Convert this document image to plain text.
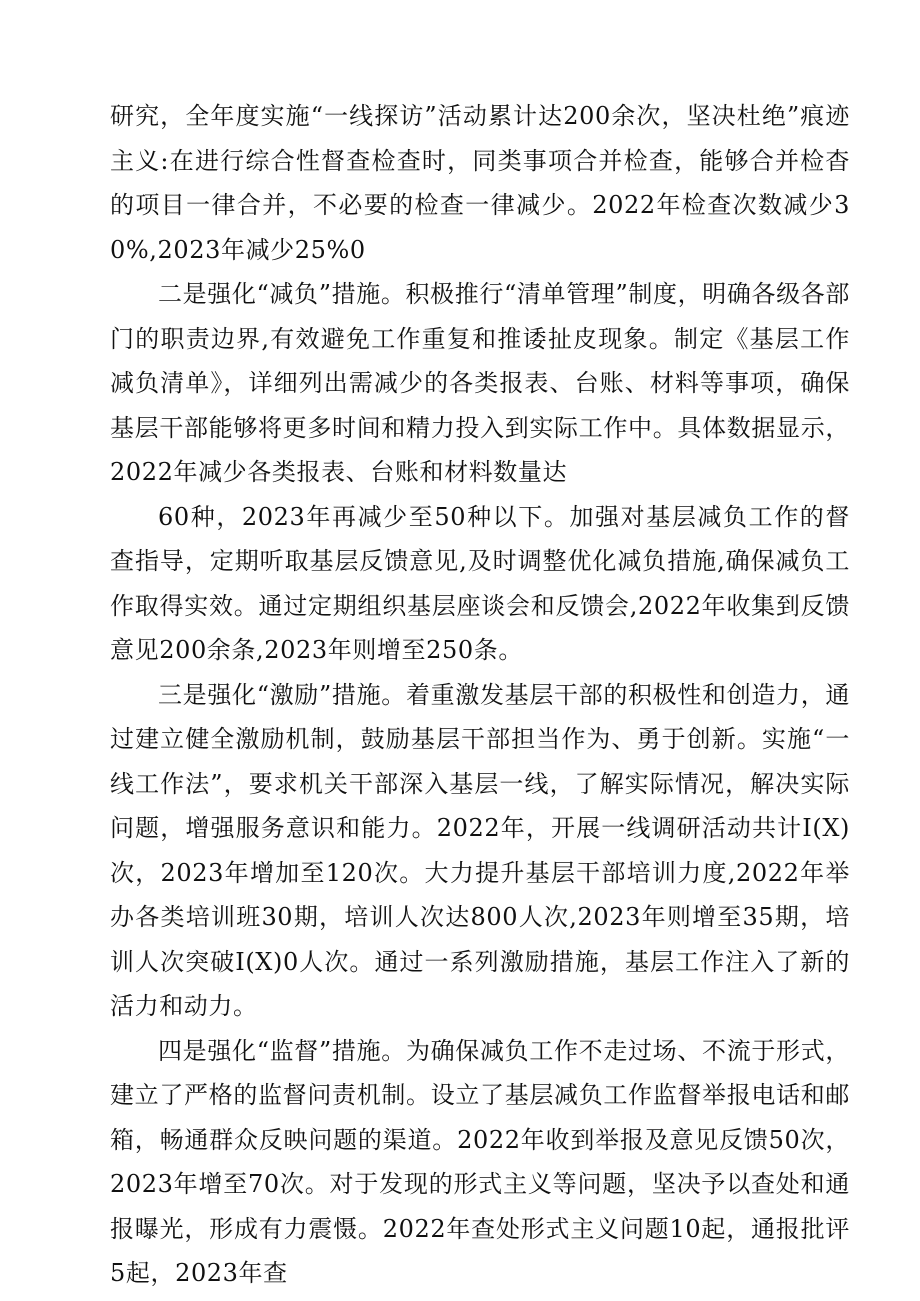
研究，全年度实施“一线探访”活动累计达200余次，坚决杜绝”痕迹主义:在进行综合性督查检查时，同类事项合并检查，能够合并检杳的项目一律合并，不必要的检查一律减少。2022年检查次数减少30%,2023年减少25%0

二是强化“减负”措施。积极推行“清单管理”制度，明确各级各部门的职责边界,有效避免工作重复和推诿扯皮现象。制定《基层工作减负清单》，详细列出需减少的各类报表、台账、材料等事项，确保基层干部能够将更多时间和精力投入到实际工作中。具体数据显示，2022年减少各类报表、台账和材料数量达

60种，2023年再减少至50种以下。加强对基层减负工作的督查指导，定期听取基层反馈意见,及时调整优化减负措施,确保减负工作取得实效。通过定期组织基层座谈会和反馈会,2022年收集到反馈意见200余条,2023年则增至250条。

三是强化“激励”措施。着重激发基层干部的积极性和创造力，通过建立健全激励机制，鼓励基层干部担当作为、勇于创新。实施“一线工作法”，要求机关干部深入基层一线，了解实际情况，解决实际问题，增强服务意识和能力。2022年，开展一线调研活动共计I(X)次，2023年增加至120次。大力提升基层干部培训力度,2022年举办各类培训班30期，培训人次达800人次,2023年则增至35期，培训人次突破I(X)0人次。通过一系列激励措施，基层工作注入了新的活力和动力。

四是强化“监督”措施。为确保减负工作不走过场、不流于形式，建立了严格的监督问责机制。设立了基层减负工作监督举报电话和邮箱，畅通群众反映问题的渠道。2022年收到举报及意见反馈50次，2023年增至70次。对于发现的形式主义等问题，坚决予以查处和通报曝光，形成有力震慑。2022年查处形式主义问题10起，通报批评5起，2023年查
